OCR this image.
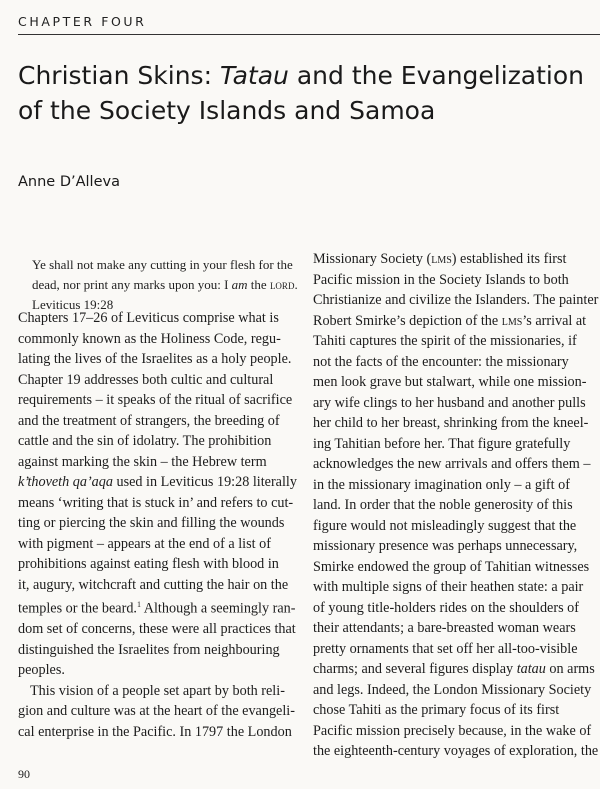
CHAPTER FOUR
Christian Skins: Tatau and the Evangelization
of the Society Islands and Samoa
Anne D’Alleva
Ye shall not make any cutting in your flesh for the
dead, nor print any marks upon you: I am the lord.
Leviticus 19:28
Chapters 17–26 of Leviticus comprise what is
commonly known as the Holiness Code, regu-
lating the lives of the Israelites as a holy people.
Chapter 19 addresses both cultic and cultural
requirements – it speaks of the ritual of sacrifice
and the treatment of strangers, the breeding of
cattle and the sin of idolatry. The prohibition
against marking the skin – the Hebrew term
k’thoveth qa’aqa used in Leviticus 19:28 literally
means ‘writing that is stuck in’ and refers to cut-
ting or piercing the skin and filling the wounds
with pigment – appears at the end of a list of
prohibitions against eating flesh with blood in
it, augury, witchcraft and cutting the hair on the
temples or the beard.$^1$ Although a seemingly ran-
dom set of concerns, these were all practices that
distinguished the Israelites from neighbouring
peoples.
This vision of a people set apart by both reli-
gion and culture was at the heart of the evangeli-
cal enterprise in the Pacific. In 1797 the London
Missionary Society (lms) established its first
Pacific mission in the Society Islands to both
Christianize and civilize the Islanders. The painter
Robert Smirke’s depiction of the lms’s arrival at
Tahiti captures the spirit of the missionaries, if
not the facts of the encounter: the missionary
men look grave but stalwart, while one mission-
ary wife clings to her husband and another pulls
her child to her breast, shrinking from the kneel-
ing Tahitian before her. That figure gratefully
acknowledges the new arrivals and offers them –
in the missionary imagination only – a gift of
land. In order that the noble generosity of this
figure would not misleadingly suggest that the
missionary presence was perhaps unnecessary,
Smirke endowed the group of Tahitian witnesses
with multiple signs of their heathen state: a pair
of young title-holders rides on the shoulders of
their attendants; a bare-breasted woman wears
pretty ornaments that set off her all-too-visible
charms; and several figures display tatau on arms
and legs. Indeed, the London Missionary Society
chose Tahiti as the primary focus of its first
Pacific mission precisely because, in the wake of
the eighteenth-century voyages of exploration, the
90
